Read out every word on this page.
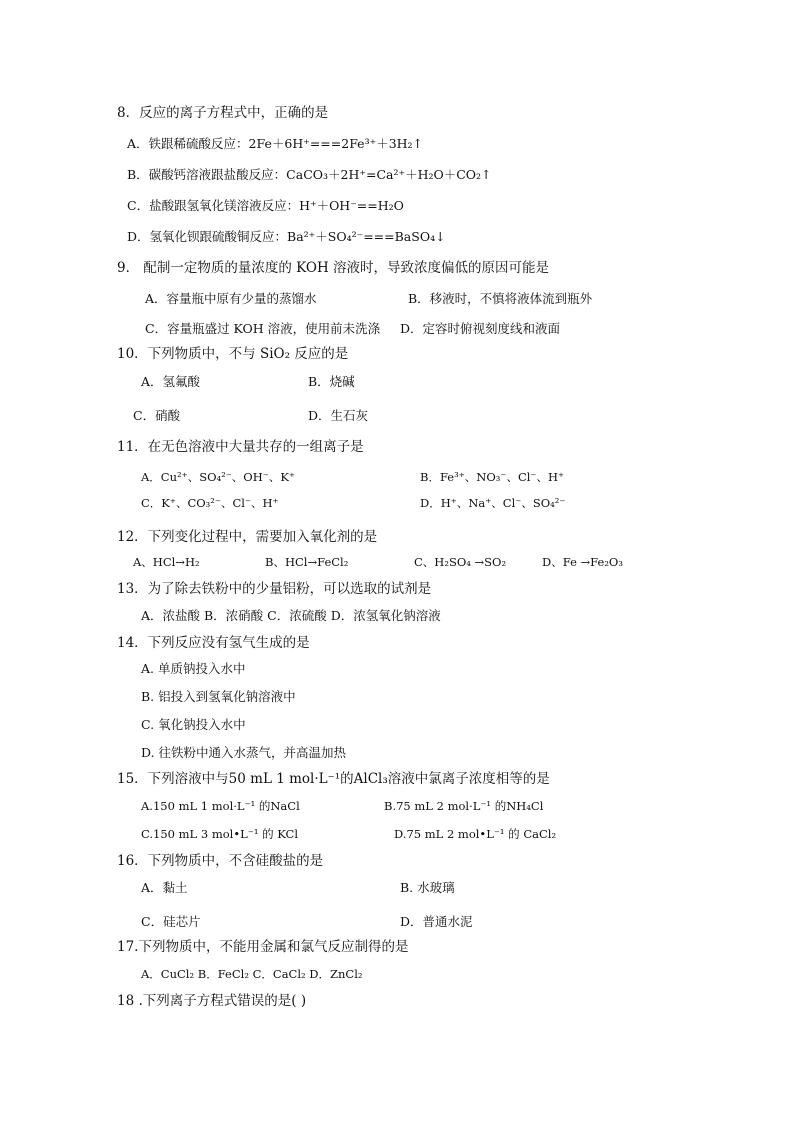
8．反应的离子方程式中，正确的是
A．铁跟稀硫酸反应：2Fe＋6H⁺===2Fe³⁺＋3H₂↑
B．碳酸钙溶液跟盐酸反应：CaCO₃＋2H⁺=Ca²⁺＋H₂O＋CO₂↑
C．盐酸跟氢氧化镁溶液反应：H⁺＋OH⁻==H₂O
D．氢氧化钡跟硫酸铜反应：Ba²⁺＋SO₄²⁻===BaSO₄↓
9． 配制一定物质的量浓度的 KOH 溶液时，导致浓度偏低的原因可能是
A．容量瓶中原有少量的蒸馏水	B．移液时，不慎将液体流到瓶外
C．容量瓶盛过 KOH 溶液，使用前未洗涤 D．定容时俯视刻度线和液面
10．下列物质中，不与 SiO₂ 反应的是
A．氢氟酸	B．烧碱
C．硝酸	D．生石灰
11．在无色溶液中大量共存的一组离子是
A．Cu²⁺、SO₄²⁻、OH⁻、K⁺	B．Fe³⁺、NO₃⁻、Cl⁻、H⁺
C．K⁺、CO₃²⁻、Cl⁻、H⁺	D．H⁺、Na⁺、Cl⁻、SO₄²⁻
12．下列变化过程中，需要加入氧化剂的是
A、HCl→H₂	B、HCl→FeCl₂	C、H₂SO₄ →SO₂	D、Fe →Fe₂O₃
13．为了除去铁粉中的少量铝粉，可以选取的试剂是
A．浓盐酸 B．浓硝酸 C．浓硫酸 D．浓氢氧化钠溶液
14．下列反应没有氢气生成的是
A. 单质钠投入水中
B. 铝投入到氢氧化钠溶液中
C. 氧化钠投入水中
D. 往铁粉中通入水蒸气，并高温加热
15．下列溶液中与50 mL 1 mol·L⁻¹的AlCl₃溶液中氯离子浓度相等的是
A.150 mL 1 mol·L⁻¹ 的NaCl	B.75 mL 2 mol·L⁻¹ 的NH₄Cl
C.150 mL 3 mol•L⁻¹ 的 KCl	D.75 mL 2 mol•L⁻¹ 的 CaCl₂
16．下列物质中，不含硅酸盐的是
A．黏土	B. 水玻璃
C．硅芯片	D．普通水泥
17.下列物质中，不能用金属和氯气反应制得的是
A．CuCl₂ B．FeCl₂ C．CaCl₂ D．ZnCl₂
18 .下列离子方程式错误的是( )
